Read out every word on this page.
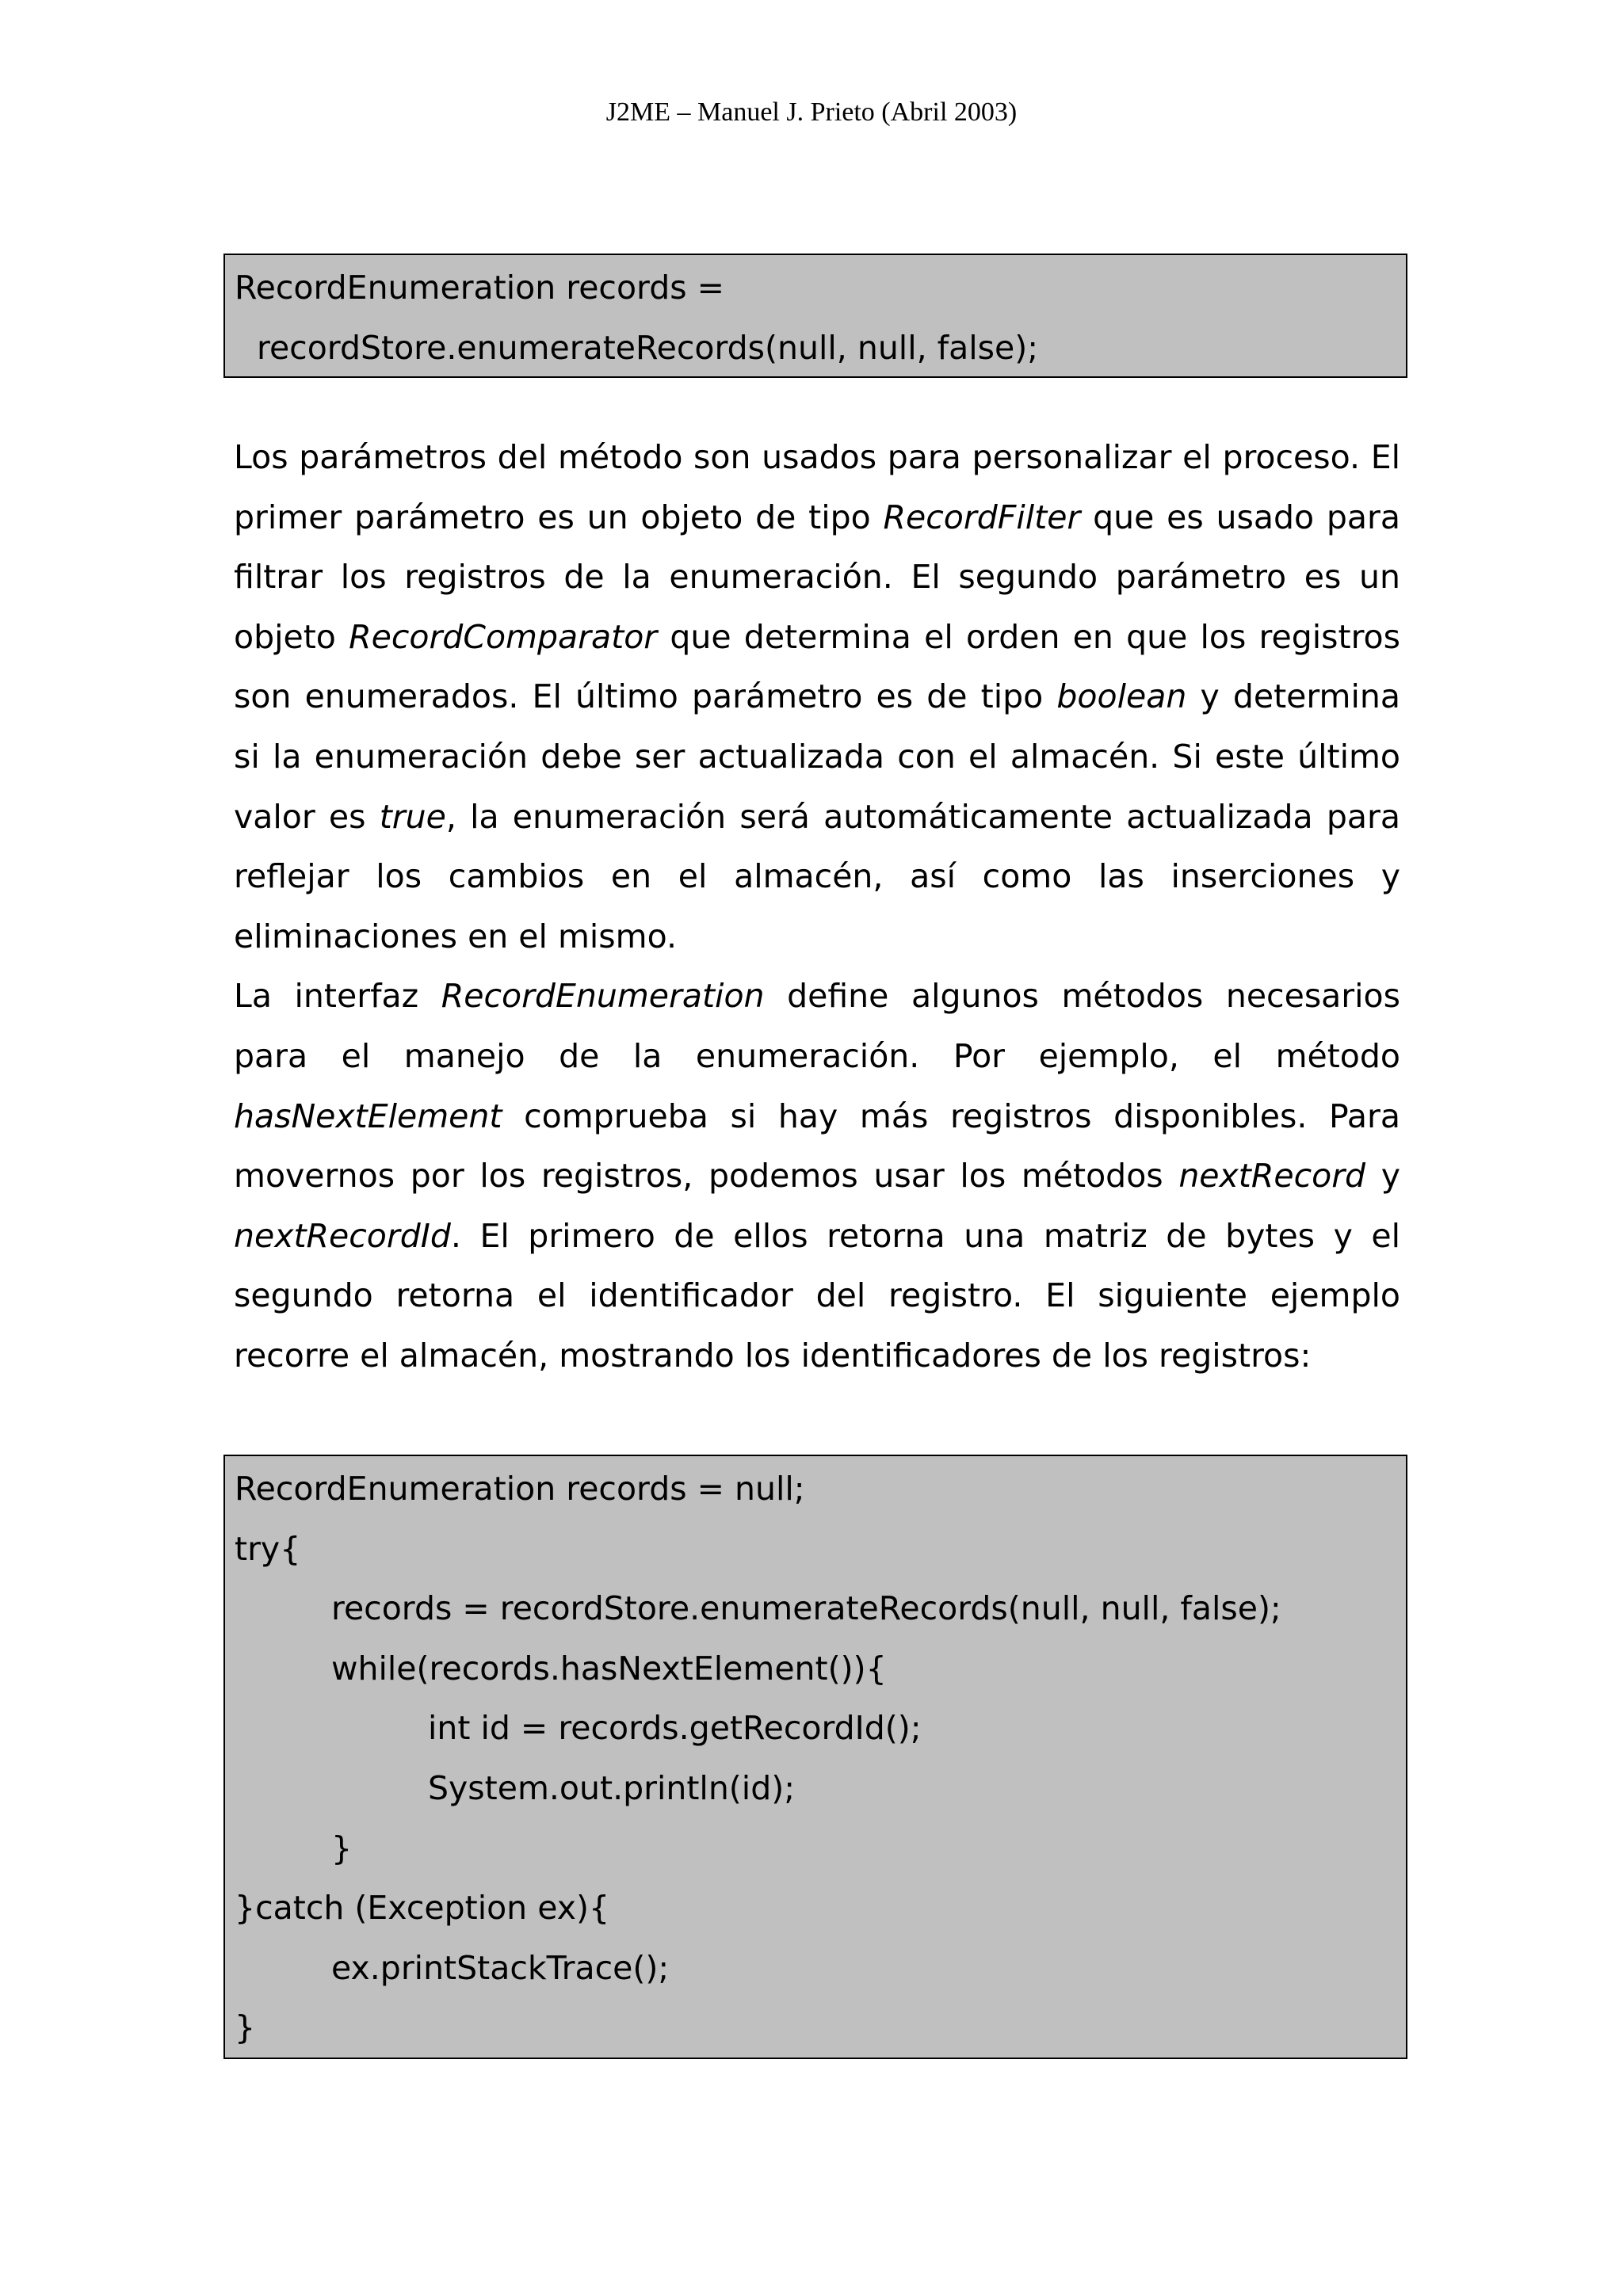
J2ME – Manuel J. Prieto (Abril 2003)
RecordEnumeration records =
recordStore.enumerateRecords(null, null, false);

Los parámetros del método son usados para personalizar el proceso. El primer parámetro es un objeto de tipo RecordFilter que es usado para filtrar los registros de la enumeración. El segundo parámetro es un objeto RecordComparator que determina el orden en que los registros son enumerados. El último parámetro es de tipo boolean y determina si la enumeración debe ser actualizada con el almacén. Si este último valor es true, la enumeración será automáticamente actualizada para reflejar los cambios en el almacén, así como las inserciones y eliminaciones en el mismo.

La interfaz RecordEnumeration define algunos métodos necesarios para el manejo de la enumeración. Por ejemplo, el método hasNextElement comprueba si hay más registros disponibles. Para movernos por los registros, podemos usar los métodos nextRecord y nextRecordId. El primero de ellos retorna una matriz de bytes y el segundo retorna el identificador del registro. El siguiente ejemplo recorre el almacén, mostrando los identificadores de los registros:

RecordEnumeration records = null;
try{
records = recordStore.enumerateRecords(null, null, false);
while(records.hasNextElement()){
int id = records.getRecordId();
System.out.println(id);
}
}catch (Exception ex){
ex.printStackTrace();
}
